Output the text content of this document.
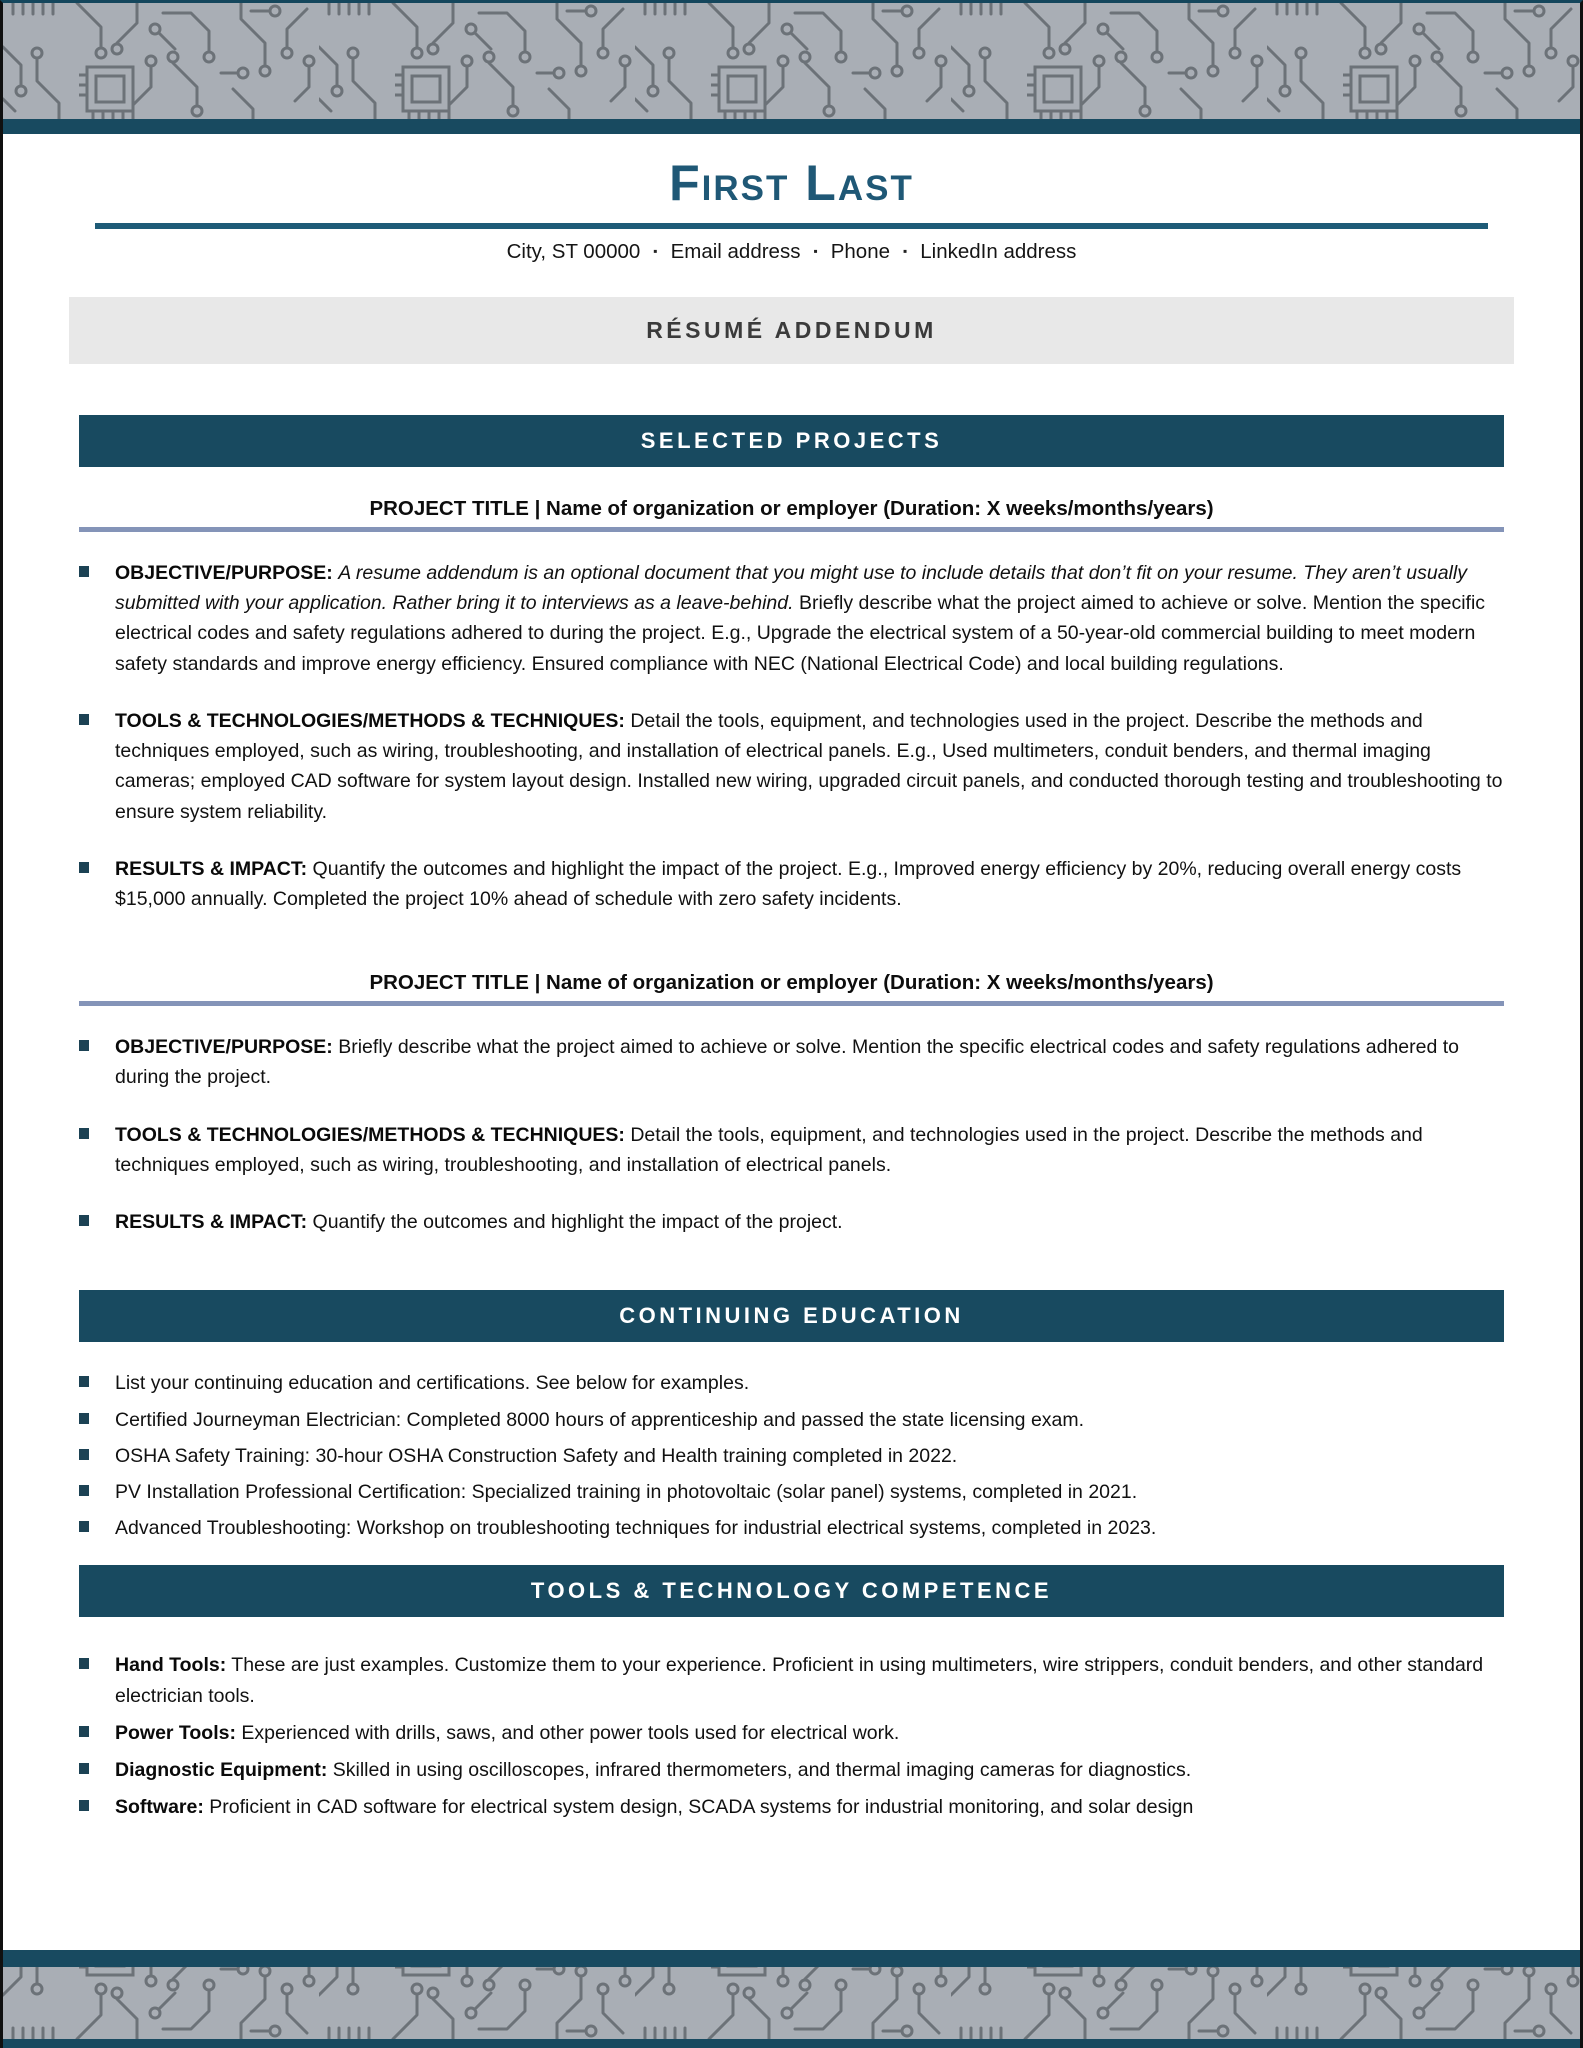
First Last
City, ST 00000 ▪ Email address ▪ Phone ▪ LinkedIn address
RÉSUMÉ ADDENDUM
SELECTED PROJECTS
PROJECT TITLE | Name of organization or employer (Duration: X weeks/months/years)

OBJECTIVE/PURPOSE: A resume addendum is an optional document that you might use to include details that don’t fit on your resume. They aren’t usually submitted with your application. Rather bring it to interviews as a leave-behind. Briefly describe what the project aimed to achieve or solve. Mention the specific electrical codes and safety regulations adhered to during the project. E.g., Upgrade the electrical system of a 50-year-old commercial building to meet modern safety standards and improve energy efficiency. Ensured compliance with NEC (National Electrical Code) and local building regulations.

TOOLS & TECHNOLOGIES/METHODS & TECHNIQUES: Detail the tools, equipment, and technologies used in the project. Describe the methods and techniques employed, such as wiring, troubleshooting, and installation of electrical panels. E.g., Used multimeters, conduit benders, and thermal imaging cameras; employed CAD software for system layout design. Installed new wiring, upgraded circuit panels, and conducted thorough testing and troubleshooting to ensure system reliability.

RESULTS & IMPACT: Quantify the outcomes and highlight the impact of the project. E.g., Improved energy efficiency by 20%, reducing overall energy costs $15,000 annually. Completed the project 10% ahead of schedule with zero safety incidents.

PROJECT TITLE | Name of organization or employer (Duration: X weeks/months/years)

OBJECTIVE/PURPOSE: Briefly describe what the project aimed to achieve or solve. Mention the specific electrical codes and safety regulations adhered to during the project.

TOOLS & TECHNOLOGIES/METHODS & TECHNIQUES: Detail the tools, equipment, and technologies used in the project. Describe the methods and techniques employed, such as wiring, troubleshooting, and installation of electrical panels.

RESULTS & IMPACT: Quantify the outcomes and highlight the impact of the project.

CONTINUING EDUCATION

List your continuing education and certifications. See below for examples.

Certified Journeyman Electrician: Completed 8000 hours of apprenticeship and passed the state licensing exam.

OSHA Safety Training: 30-hour OSHA Construction Safety and Health training completed in 2022.

PV Installation Professional Certification: Specialized training in photovoltaic (solar panel) systems, completed in 2021.

Advanced Troubleshooting: Workshop on troubleshooting techniques for industrial electrical systems, completed in 2023.

TOOLS & TECHNOLOGY COMPETENCE

Hand Tools: These are just examples. Customize them to your experience. Proficient in using multimeters, wire strippers, conduit benders, and other standard electrician tools.

Power Tools: Experienced with drills, saws, and other power tools used for electrical work.

Diagnostic Equipment: Skilled in using oscilloscopes, infrared thermometers, and thermal imaging cameras for diagnostics.

Software: Proficient in CAD software for electrical system design, SCADA systems for industrial monitoring, and solar design
